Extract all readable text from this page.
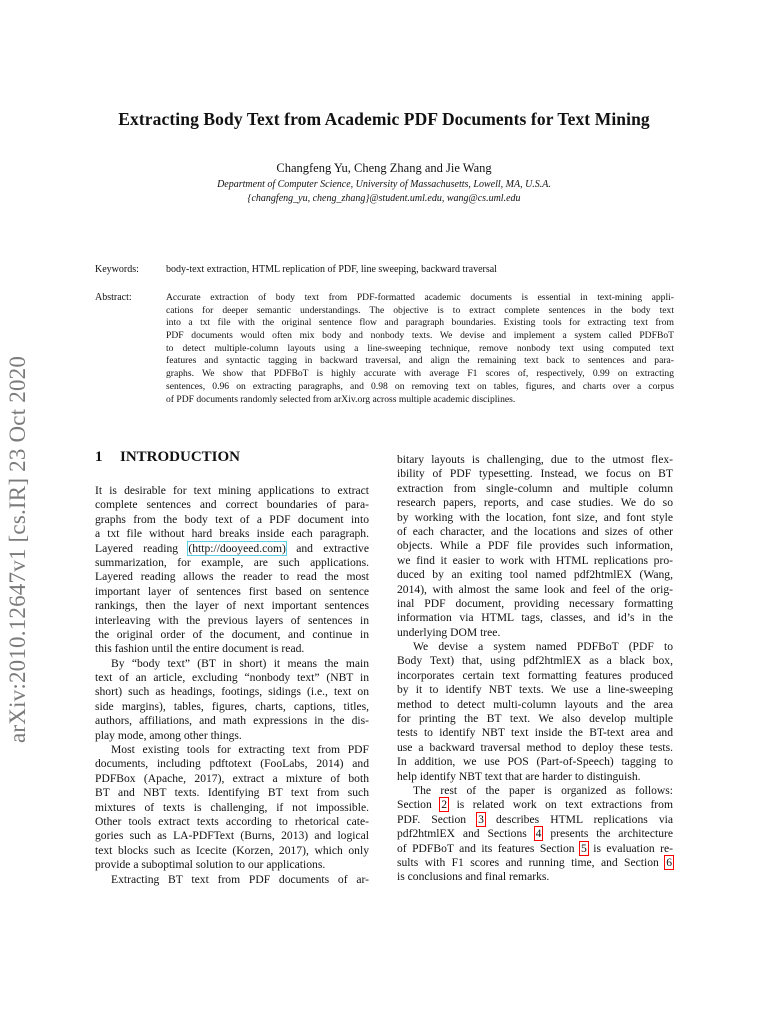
Extracting Body Text from Academic PDF Documents for Text Mining
Changfeng Yu, Cheng Zhang and Jie Wang
Department of Computer Science, University of Massachusetts, Lowell, MA, U.S.A.
{changfeng_yu, cheng_zhang}@student.uml.edu, wang@cs.uml.edu
Keywords:	body-text extraction, HTML replication of PDF, line sweeping, backward traversal
Abstract:	Accurate extraction of body text from PDF-formatted academic documents is essential in text-mining appli-
cations for deeper semantic understandings. The objective is to extract complete sentences in the body text
into a txt file with the original sentence flow and paragraph boundaries. Existing tools for extracting text from
PDF documents would often mix body and nonbody texts. We devise and implement a system called PDFBoT
to detect multiple-column layouts using a line-sweeping technique, remove nonbody text using computed text
features and syntactic tagging in backward traversal, and align the remaining text back to sentences and para-
graphs. We show that PDFBoT is highly accurate with average F1 scores of, respectively, 0.99 on extracting
sentences, 0.96 on extracting paragraphs, and 0.98 on removing text on tables, figures, and charts over a corpus
of PDF documents randomly selected from arXiv.org across multiple academic disciplines.
arXiv:2010.12647v1 [cs.IR] 23 Oct 2020	1 INTRODUCTION
It is desirable for text mining applications to extract
complete sentences and correct boundaries of para-
graphs from the body text of a PDF document into
a txt file without hard breaks inside each paragraph.
Layered reading (http://dooyeed.com) and extractive
summarization, for example, are such applications.
Layered reading allows the reader to read the most
important layer of sentences first based on sentence
rankings, then the layer of next important sentences
interleaving with the previous layers of sentences in
the original order of the document, and continue in
this fashion until the entire document is read.
By “body text” (BT in short) it means the main
text of an article, excluding “nonbody text” (NBT in
short) such as headings, footings, sidings (i.e., text on
side margins), tables, figures, charts, captions, titles,
authors, affiliations, and math expressions in the dis-
play mode, among other things.
Most existing tools for extracting text from PDF
documents, including pdftotext (FooLabs, 2014) and
PDFBox (Apache, 2017), extract a mixture of both
BT and NBT texts. Identifying BT text from such
mixtures of texts is challenging, if not impossible.
Other tools extract texts according to rhetorical cate-
gories such as LA-PDFText (Burns, 2013) and logical
text blocks such as Icecite (Korzen, 2017), which only
provide a suboptimal solution to our applications.
Extracting BT text from PDF documents of ar-
bitary layouts is challenging, due to the utmost flex-
ibility of PDF typesetting. Instead, we focus on BT
extraction from single-column and multiple column
research papers, reports, and case studies. We do so
by working with the location, font size, and font style
of each character, and the locations and sizes of other
objects. While a PDF file provides such information,
we find it easier to work with HTML replications pro-
duced by an exiting tool named pdf2htmlEX (Wang,
2014), with almost the same look and feel of the orig-
inal PDF document, providing necessary formatting
information via HTML tags, classes, and id’s in the
underlying DOM tree.
We devise a system named PDFBoT (PDF to
Body Text) that, using pdf2htmlEX as a black box,
incorporates certain text formatting features produced
by it to identify NBT texts. We use a line-sweeping
method to detect multi-column layouts and the area
for printing the BT text. We also develop multiple
tests to identify NBT text inside the BT-text area and
use a backward traversal method to deploy these tests.
In addition, we use POS (Part-of-Speech) tagging to
help identify NBT text that are harder to distinguish.
The rest of the paper is organized as follows:
Section 2 is related work on text extractions from
PDF. Section 3 describes HTML replications via
pdf2htmlEX and Sections 4 presents the architecture
of PDFBoT and its features Section 5 is evaluation re-
sults with F1 scores and running time, and Section 6
is conclusions and final remarks.
